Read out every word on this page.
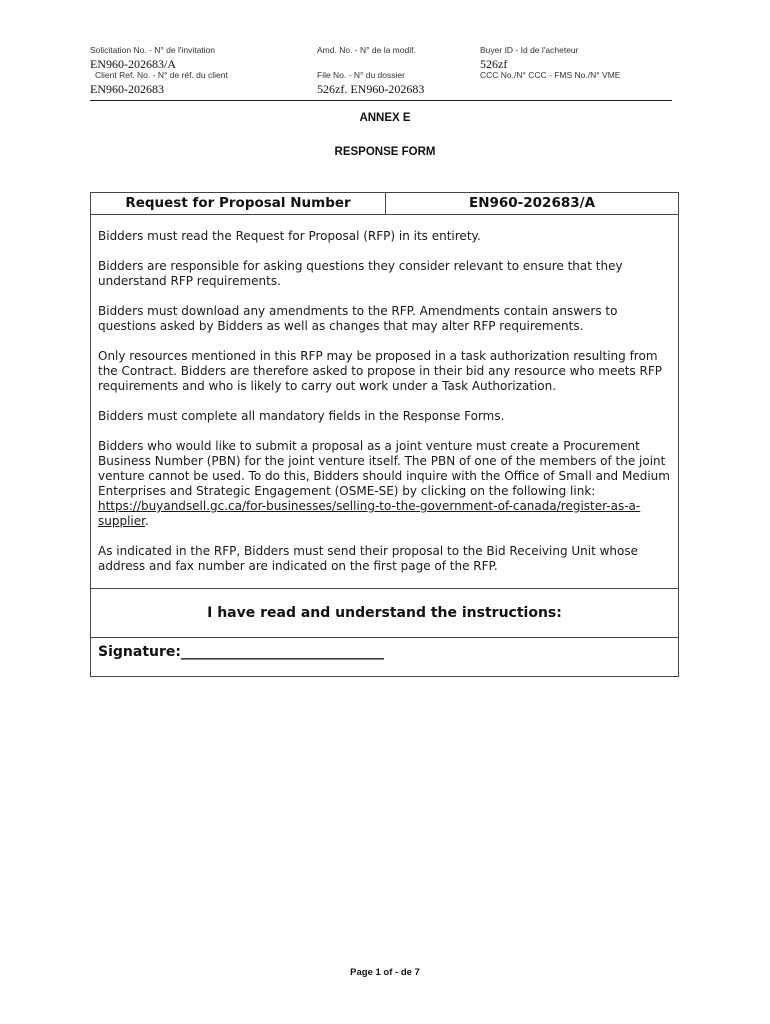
Solicitation No. - N° de l'invitation
EN960-202683/A
Client Ref. No. - N° de réf. du client
EN960-202683
Amd. No. - N° de la modif.
File No. - N° du dossier
526zf. EN960-202683
Buyer ID - Id de l'acheteur
526zf
CCC No./N° CCC - FMS No./N° VME
ANNEX E
RESPONSE FORM
Request for Proposal Number	EN960-202683/A

Bidders must read the Request for Proposal (RFP) in its entirety.

Bidders are responsible for asking questions they consider relevant to ensure that they understand RFP requirements.

Bidders must download any amendments to the RFP. Amendments contain answers to questions asked by Bidders as well as changes that may alter RFP requirements.

Only resources mentioned in this RFP may be proposed in a task authorization resulting from the Contract. Bidders are therefore asked to propose in their bid any resource who meets RFP requirements and who is likely to carry out work under a Task Authorization.

Bidders must complete all mandatory fields in the Response Forms.

Bidders who would like to submit a proposal as a joint venture must create a Procurement Business Number (PBN) for the joint venture itself. The PBN of one of the members of the joint venture cannot be used. To do this, Bidders should inquire with the Office of Small and Medium Enterprises and Strategic Engagement (OSME-SE) by clicking on the following link: https://buyandsell.gc.ca/for-businesses/selling-to-the-government-of-canada/register-as-a-supplier.

As indicated in the RFP, Bidders must send their proposal to the Bid Receiving Unit whose address and fax number are indicated on the first page of the RFP.

I have read and understand the instructions:
Signature:_____________________________
Page 1 of - de 7
